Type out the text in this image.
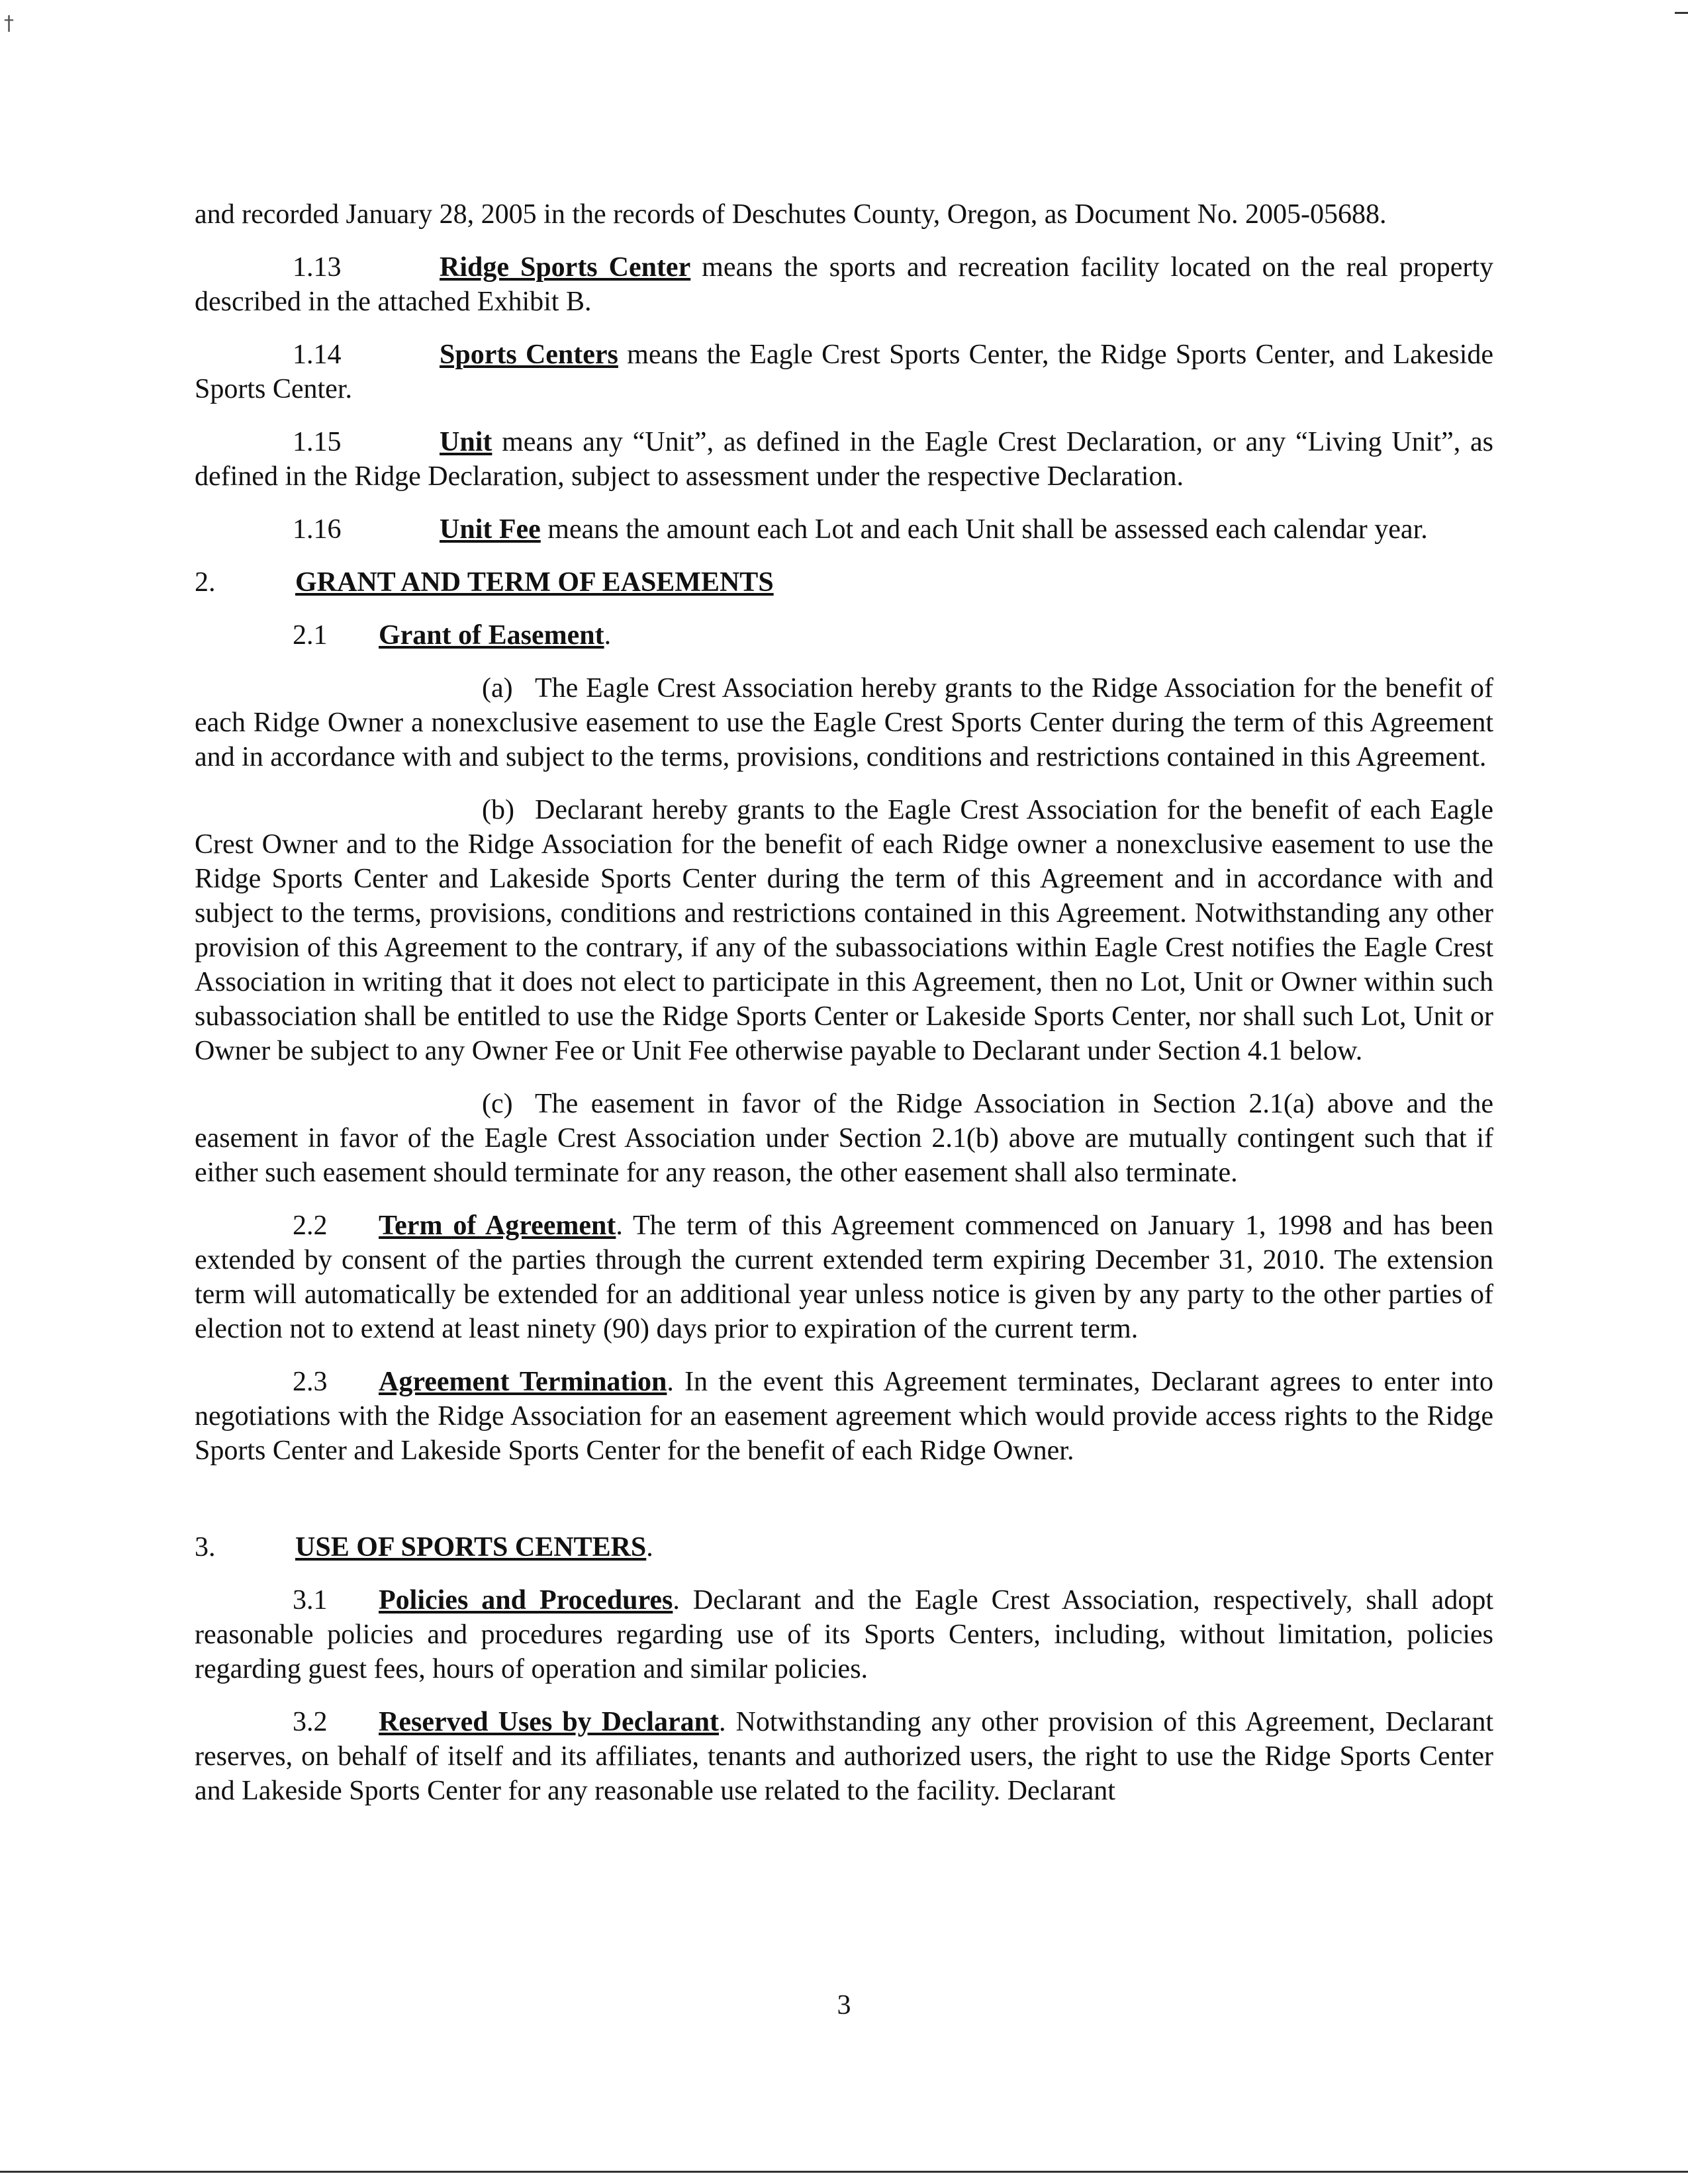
†

and recorded January 28, 2005 in the records of Deschutes County, Oregon, as Document No. 2005-05688.

1.13	Ridge Sports Center means the sports and recreation facility located on the real property described in the attached Exhibit B.

1.14	Sports Centers means the Eagle Crest Sports Center, the Ridge Sports Center, and Lakeside Sports Center.

1.15	Unit means any “Unit”, as defined in the Eagle Crest Declaration, or any “Living Unit”, as defined in the Ridge Declaration, subject to assessment under the respective Declaration.

1.16	Unit Fee means the amount each Lot and each Unit shall be assessed each calendar year.

2.	GRANT AND TERM OF EASEMENTS

2.1 Grant of Easement.

(a) The Eagle Crest Association hereby grants to the Ridge Association for the benefit of each Ridge Owner a nonexclusive easement to use the Eagle Crest Sports Center during the term of this Agreement and in accordance with and subject to the terms, provisions, conditions and restrictions contained in this Agreement.

(b) Declarant hereby grants to the Eagle Crest Association for the benefit of each Eagle Crest Owner and to the Ridge Association for the benefit of each Ridge owner a nonexclusive easement to use the Ridge Sports Center and Lakeside Sports Center during the term of this Agreement and in accordance with and subject to the terms, provisions, conditions and restrictions contained in this Agreement. Notwithstanding any other provision of this Agreement to the contrary, if any of the subassociations within Eagle Crest notifies the Eagle Crest Association in writing that it does not elect to participate in this Agreement, then no Lot, Unit or Owner within such subassociation shall be entitled to use the Ridge Sports Center or Lakeside Sports Center, nor shall such Lot, Unit or Owner be subject to any Owner Fee or Unit Fee otherwise payable to Declarant under Section 4.1 below.

(c) The easement in favor of the Ridge Association in Section 2.1(a) above and the easement in favor of the Eagle Crest Association under Section 2.1(b) above are mutually contingent such that if either such easement should terminate for any reason, the other easement shall also terminate.

2.2 Term of Agreement. The term of this Agreement commenced on January 1, 1998 and has been extended by consent of the parties through the current extended term expiring December 31, 2010. The extension term will automatically be extended for an additional year unless notice is given by any party to the other parties of election not to extend at least ninety (90) days prior to expiration of the current term.

2.3 Agreement Termination. In the event this Agreement terminates, Declarant agrees to enter into negotiations with the Ridge Association for an easement agreement which would provide access rights to the Ridge Sports Center and Lakeside Sports Center for the benefit of each Ridge Owner.

3.	USE OF SPORTS CENTERS.

3.1 Policies and Procedures. Declarant and the Eagle Crest Association, respectively, shall adopt reasonable policies and procedures regarding use of its Sports Centers, including, without limitation, policies regarding guest fees, hours of operation and similar policies.

3.2 Reserved Uses by Declarant. Notwithstanding any other provision of this Agreement, Declarant reserves, on behalf of itself and its affiliates, tenants and authorized users, the right to use the Ridge Sports Center and Lakeside Sports Center for any reasonable use related to the facility. Declarant

3
